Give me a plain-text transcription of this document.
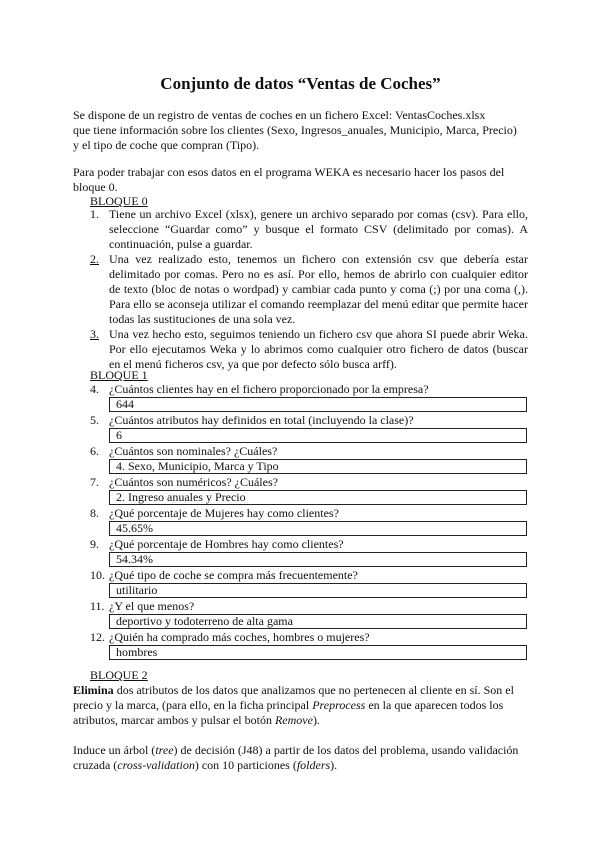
Conjunto de datos “Ventas de Coches”
Se dispone de un registro de ventas de coches en un fichero Excel: VentasCoches.xlsx
que tiene información sobre los clientes (Sexo, Ingresos_anuales, Municipio, Marca, Precio)
y el tipo de coche que compran (Tipo).
Para poder trabajar con esos datos en el programa WEKA es necesario hacer los pasos del
bloque 0.
BLOQUE 0
1. Tiene un archivo Excel (xlsx), genere un archivo separado por comas (csv). Para ello, seleccione “Guardar como” y busque el formato CSV (delimitado por comas). A continuación, pulse a guardar.
2. Una vez realizado esto, tenemos un fichero con extensión csv que debería estar delimitado por comas. Pero no es así. Por ello, hemos de abrirlo con cualquier editor de texto (bloc de notas o wordpad) y cambiar cada punto y coma (;) por una coma (,). Para ello se aconseja utilizar el comando reemplazar del menú editar que permite hacer todas las sustituciones de una sola vez.
3. Una vez hecho esto, seguimos teniendo un fichero csv que ahora SI puede abrir Weka. Por ello ejecutamos Weka y lo abrimos como cualquier otro fichero de datos (buscar en el menú ficheros csv, ya que por defecto sólo busca arff).
BLOQUE 1
4. ¿Cuántos clientes hay en el fichero proporcionado por la empresa?
644
5. ¿Cuántos atributos hay definidos en total (incluyendo la clase)?
6
6. ¿Cuántos son nominales? ¿Cuáles?
4. Sexo, Municipio, Marca y Tipo
7. ¿Cuántos son numéricos? ¿Cuáles?
2. Ingreso anuales y Precio
8. ¿Qué porcentaje de Mujeres hay como clientes?
45.65%
9. ¿Qué porcentaje de Hombres hay como clientes?
54.34%
10. ¿Qué tipo de coche se compra más frecuentemente?
utilitario
11. ¿Y el que menos?
deportivo y todoterreno de alta gama
12. ¿Quién ha comprado más coches, hombres o mujeres?
hombres
BLOQUE 2

Elimina dos atributos de los datos que analizamos que no pertenecen al cliente en sí. Son el precio y la marca, (para ello, en la ficha principal Preprocess en la que aparecen todos los atributos, marcar ambos y pulsar el botón Remove).

Induce un árbol (tree) de decisión (J48) a partir de los datos del problema, usando validación cruzada (cross-validation) con 10 particiones (folders).
